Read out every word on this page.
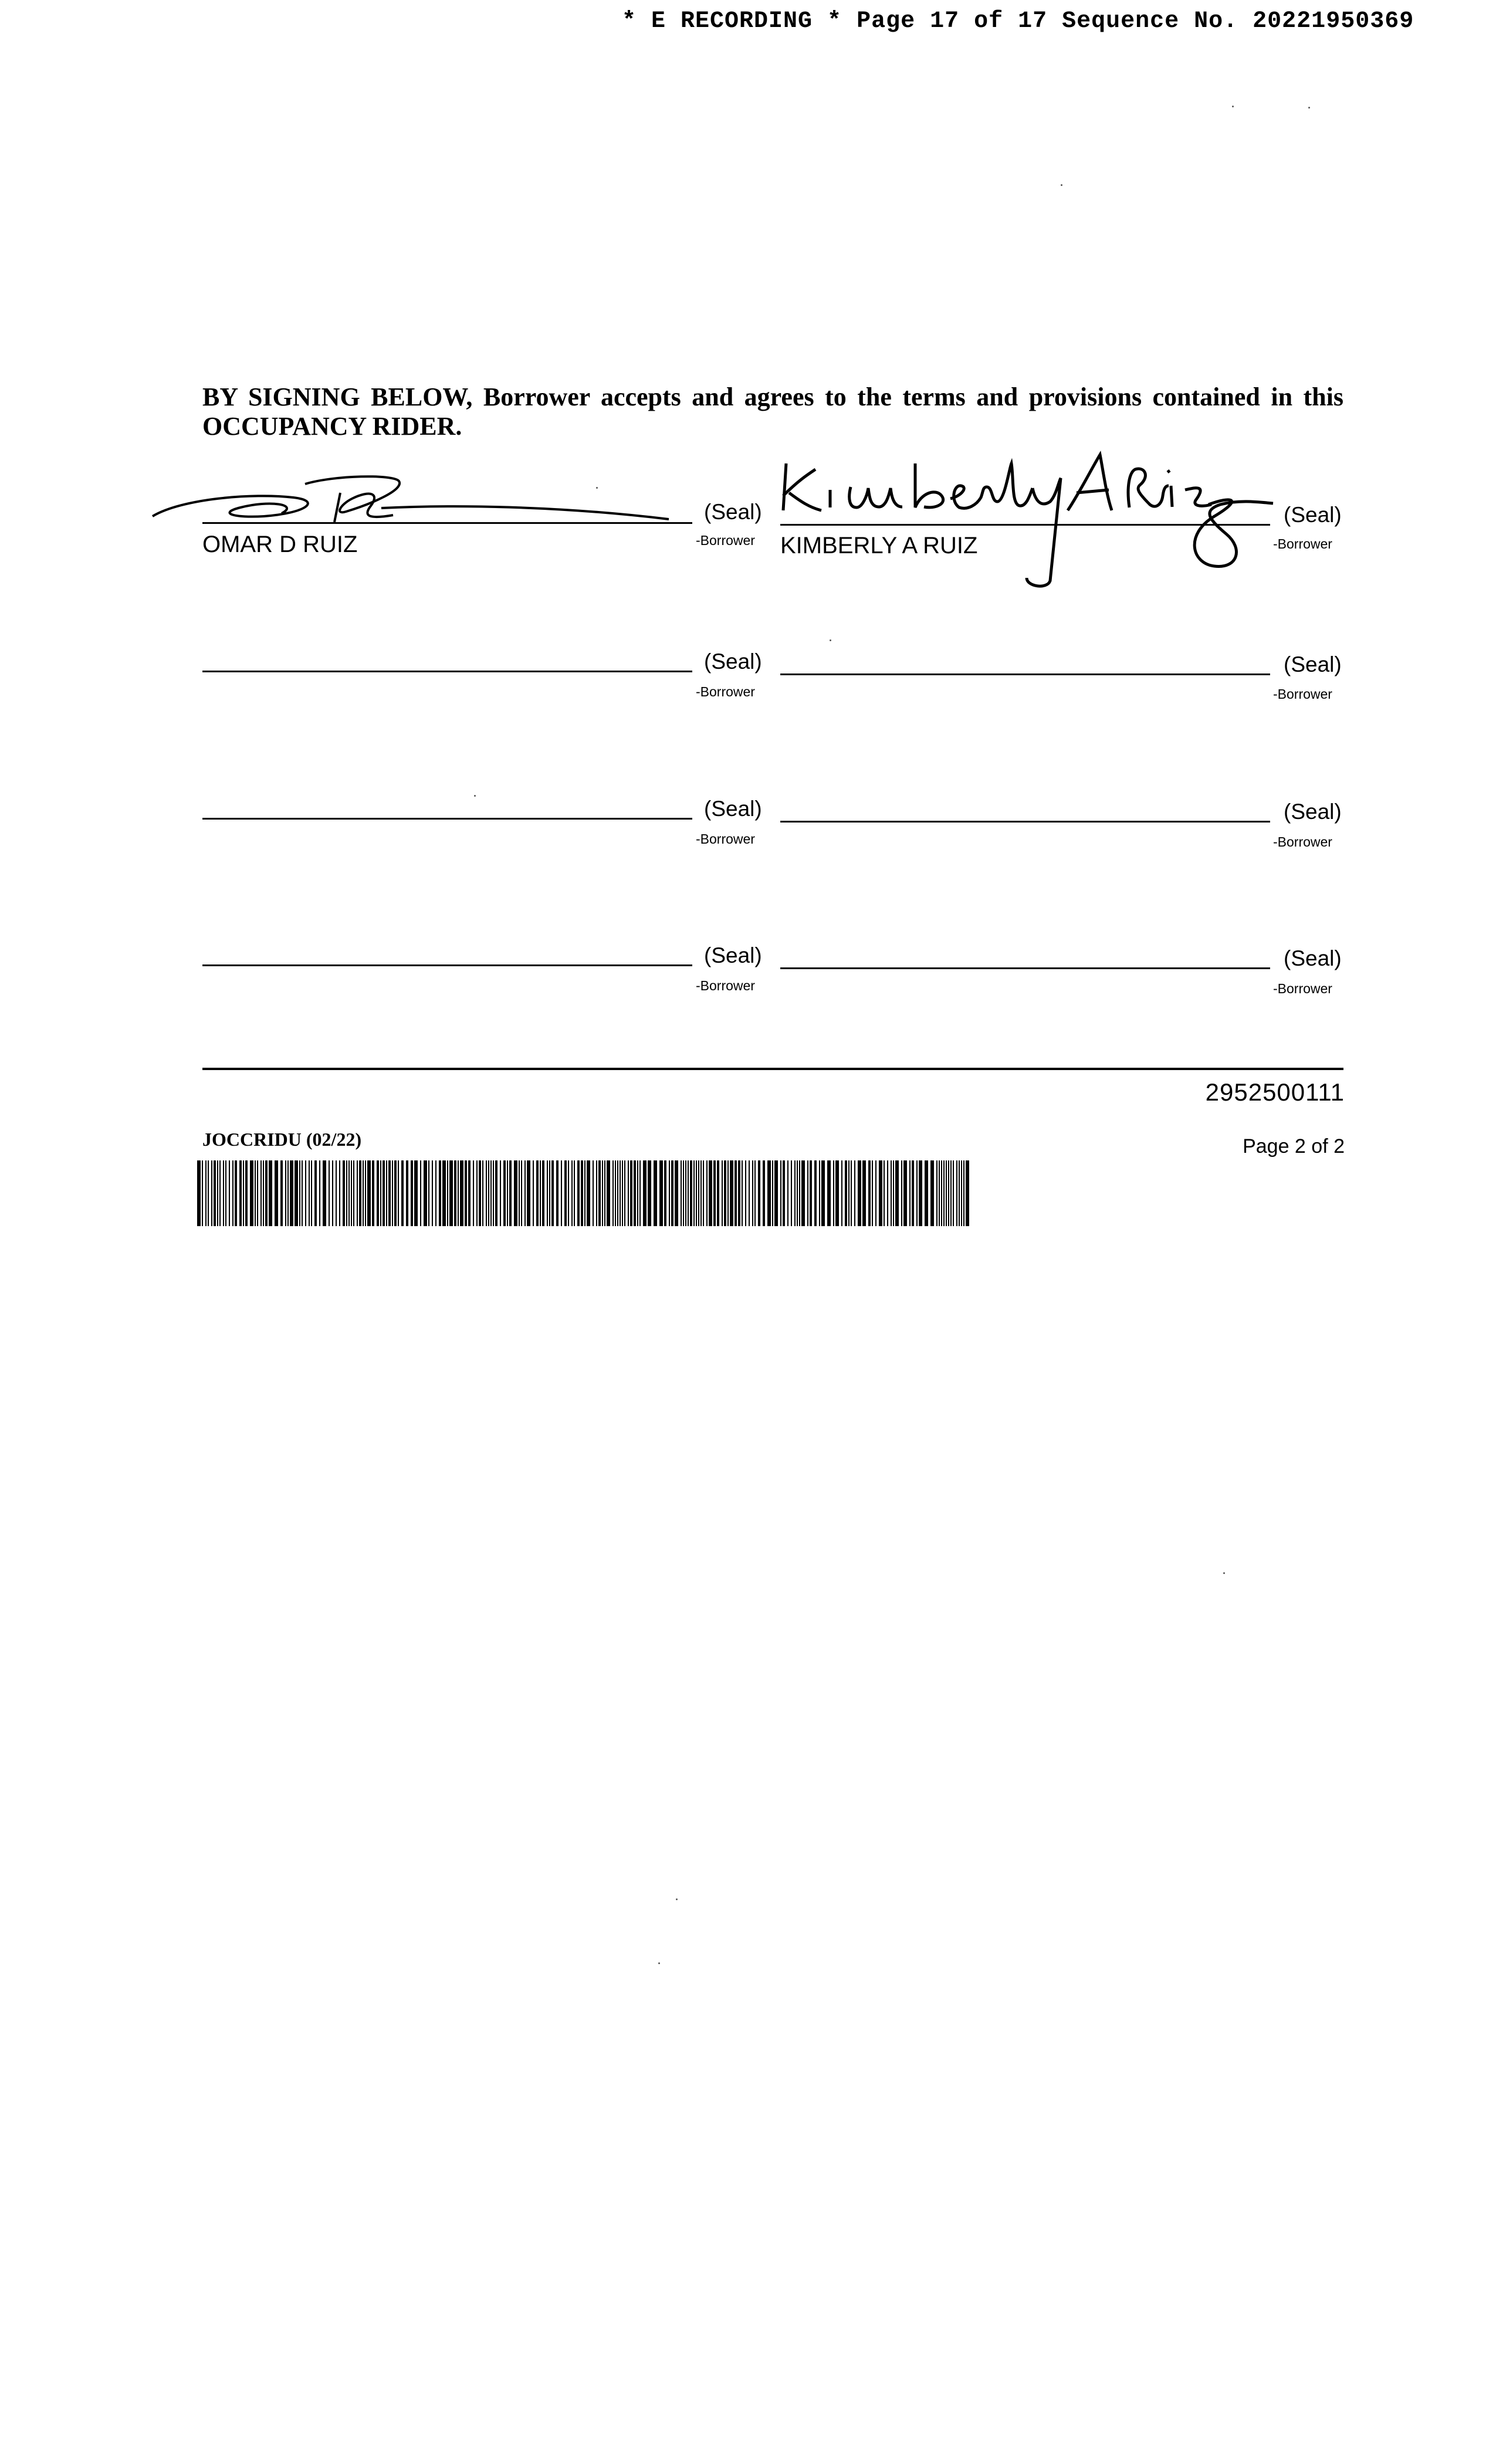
* E RECORDING * Page 17 of 17 Sequence No. 20221950369
BY SIGNING BELOW, Borrower accepts and agrees to the terms and provisions contained in this OCCUPANCY RIDER.
(Seal)
-Borrower
OMAR D RUIZ
(Seal)
-Borrower
KIMBERLY A RUIZ
(Seal)
-Borrower
(Seal)
-Borrower
(Seal)
-Borrower
(Seal)
-Borrower
(Seal)
-Borrower
(Seal)
-Borrower
2952500111
JOCCRIDU (02/22)	Page 2 of 2
